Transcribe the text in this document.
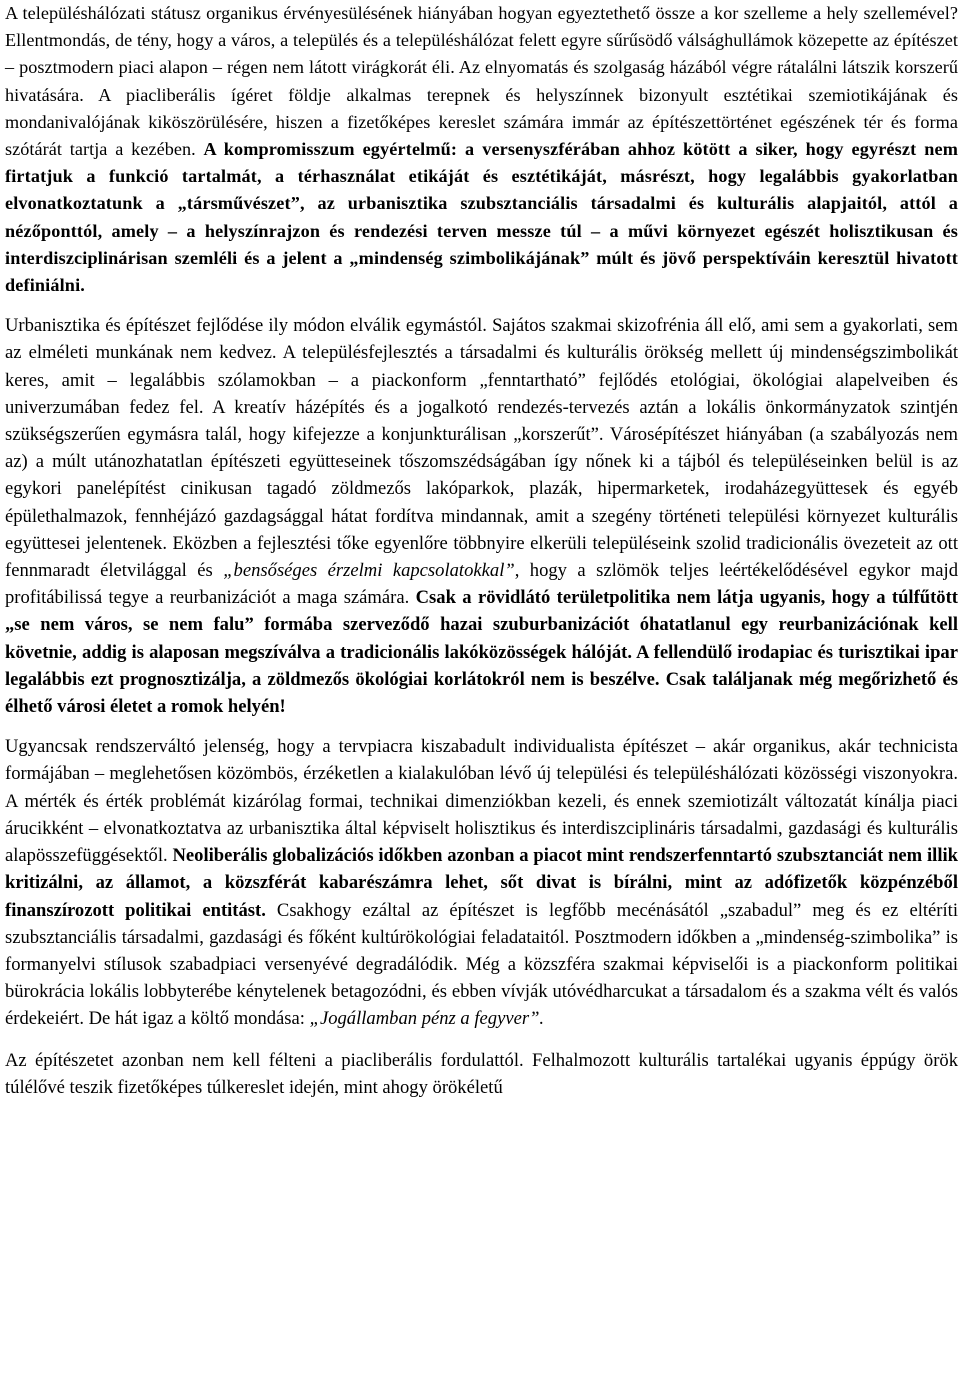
A településhálózati státusz organikus érvényesülésének hiányában hogyan egyeztethető össze a kor szelleme a hely szellemével? Ellentmondás, de tény, hogy a város, a település és a településhálózat felett egyre sűrűsödő válsághullámok közepette az építészet – posztmodern piaci alapon – régen nem látott virágkorát éli. Az elnyomatás és szolgaság házából végre rátalálni látszik korszerű hivatására. A piacliberális ígéret földje alkalmas terepnek és helyszínnek bizonyult esztétikai szemiotikájának és mondanivalójának kiköszörülésére, hiszen a fizetőképes kereslet számára immár az építészettörténet egészének tér és forma szótárát tartja a kezében. A kompromisszum egyértelmű: a versenyszférában ahhoz kötött a siker, hogy egyrészt nem firtatjuk a funkció tartalmát, a térhasználat etikáját és esztétikáját, másrészt, hogy legalábbis gyakorlatban elvonatkoztatunk a „társművészet”, az urbanisztika szubsztanciális társadalmi és kulturális alapjaitól, attól a nézőponttól, amely – a helyszínrajzon és rendezési terven messze túl – a művi környezet egészét holisztikusan és interdiszciplinárisan szemléli és a jelent a „mindenség szimbolikájának” múlt és jövő perspektíváin keresztül hivatott definiálni.

Urbanisztika és építészet fejlődése ily módon elválik egymástól. Sajátos szakmai skizofrénia áll elő, ami sem a gyakorlati, sem az elméleti munkának nem kedvez. A településfejlesztés a társadalmi és kulturális örökség mellett új mindenségszimbolikát keres, amit – legalábbis szólamokban – a piackonform „fenntartható” fejlődés etológiai, ökológiai alapelveiben és univerzumában fedez fel. A kreatív házépítés és a jogalkotó rendezés-tervezés aztán a lokális önkormányzatok szintjén szükségszerűen egymásra talál, hogy kifejezze a konjunkturálisan „korszerűt”. Városépítészet hiányában (a szabályozás nem az) a múlt utánozhatatlan építészeti együtteseinek tőszomszédságában így nőnek ki a tájból és településeinken belül is az egykori panelépítést cinikusan tagadó zöldmezős lakóparkok, plazák, hipermarketek, irodaházegyüttesek és egyéb épülethalmazok, fennhéjázó gazdagsággal hátat fordítva mindannak, amit a szegény történeti települési környezet kulturális együttesei jelentenek. Eközben a fejlesztési tőke egyenlőre többnyire elkerüli településeink szolid tradicionális övezeteit az ott fennmaradt életvilággal és „bensőséges érzelmi kapcsolatokkal”, hogy a szlömök teljes leértékelődésével egykor majd profitábilissá tegye a reurbanizációt a maga számára. Csak a rövidlátó területpolitika nem látja ugyanis, hogy a túlfűtött „se nem város, se nem falu” formába szerveződő hazai szuburbanizációt óhatatlanul egy reurbanizációnak kell követnie, addig is alaposan megszíválva a tradicionális lakóközösségek hálóját. A fellendülő irodapiac és turisztikai ipar legalábbis ezt prognosztizálja, a zöldmezős ökológiai korlátokról nem is beszélve. Csak találjanak még megőrizhető és élhető városi életet a romok helyén!

Ugyancsak rendszerváltó jelenség, hogy a tervpiacra kiszabadult individualista építészet – akár organikus, akár technicista formájában – meglehetősen közömbös, érzéketlen a kialakulóban lévő új települési és településhálózati közösségi viszonyokra. A mérték és érték problémát kizárólag formai, technikai dimenziókban kezeli, és ennek szemiotizált változatát kínálja piaci árucikként – elvonatkoztatva az urbanisztika által képviselt holisztikus és interdiszciplináris társadalmi, gazdasági és kulturális alapösszefüggésektől. Neoliberális globalizációs időkben azonban a piacot mint rendszerfenntartó szubsztanciát nem illik kritizálni, az államot, a közszférát kabarészámra lehet, sőt divat is bírálni, mint az adófizetők közpénzéből finanszírozott politikai entitást. Csakhogy ezáltal az építészet is legfőbb mecénásától „szabadul” meg és ez eltéríti szubsztanciális társadalmi, gazdasági és főként kultúrökológiai feladataitól. Posztmodern időkben a „mindenség-szimbolika” is formanyelvi stílusok szabadpiaci versenyévé degradálódik. Még a közszféra szakmai képviselői is a piackonform politikai bürokrácia lokális lobbyterébe kénytelenek betagozódni, és ebben vívják utóvédharcukat a társadalom és a szakma vélt és valós érdekeiért. De hát igaz a költő mondása: „Jogállamban pénz a fegyver”.

Az építészetet azonban nem kell félteni a piacliberális fordulattól. Felhalmozott kulturális tartalékai ugyanis éppúgy örök túlélővé teszik fizetőképes túlkereslet idején, mint ahogy örökéletű
